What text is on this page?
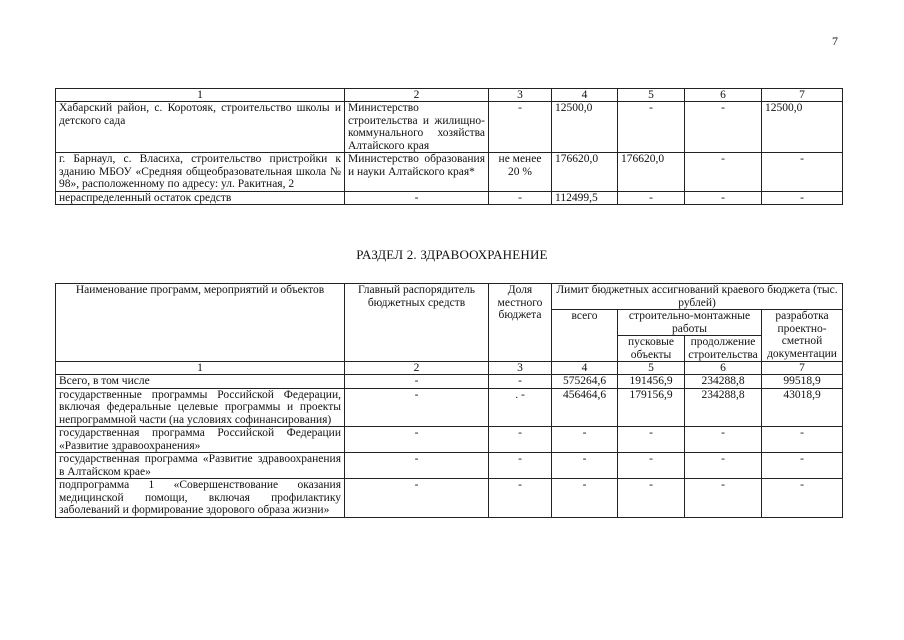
7
1	2	3	4	5	6	7
Хабарский район, с. Коротояк, строительство школы и детского сада	Министерство строительства и жилищно-коммунального хозяйства Алтайского края	-	12500,0	-	-	12500,0
г. Барнаул, с. Власиха, строительство пристройки к зданию МБОУ «Средняя общеобразовательная школа № 98», расположенному по адресу: ул. Ракитная, 2	Министерство образования и науки Алтайского края*	не менее 20 %	176620,0	176620,0	-	-
нераспределенный остаток средств	-	-	112499,5	-	-	-
РАЗДЕЛ 2. ЗДРАВООХРАНЕНИЕ
Наименование программ, мероприятий и объектов	Главный распорядитель бюджетных средств	Доля местного бюджета	Лимит бюджетных ассигнований краевого бюджета (тыс. рублей)			
			всего	строительно-монтажные работы		разработка проектно-сметной документации
				пусковые объекты	продолжение строительства	
1	2	3	4	5	6	7
Всего, в том числе	-	-	575264,6	191456,9	234288,8	99518,9
государственные программы Российской Федерации, включая федеральные целевые программы и проекты непрограммной части (на условиях софинансирования)	-	. -	456464,6	179156,9	234288,8	43018,9
государственная программа Российской Федерации «Развитие здравоохранения»	-	-	-	-	-	-
государственная программа «Развитие здравоохранения в Алтайском крае»	-	-	-	-	-	-
подпрограмма 1 «Совершенствование оказания медицинской помощи, включая профилактику заболеваний и формирование здорового образа жизни»	-	-	-	-	-	-
